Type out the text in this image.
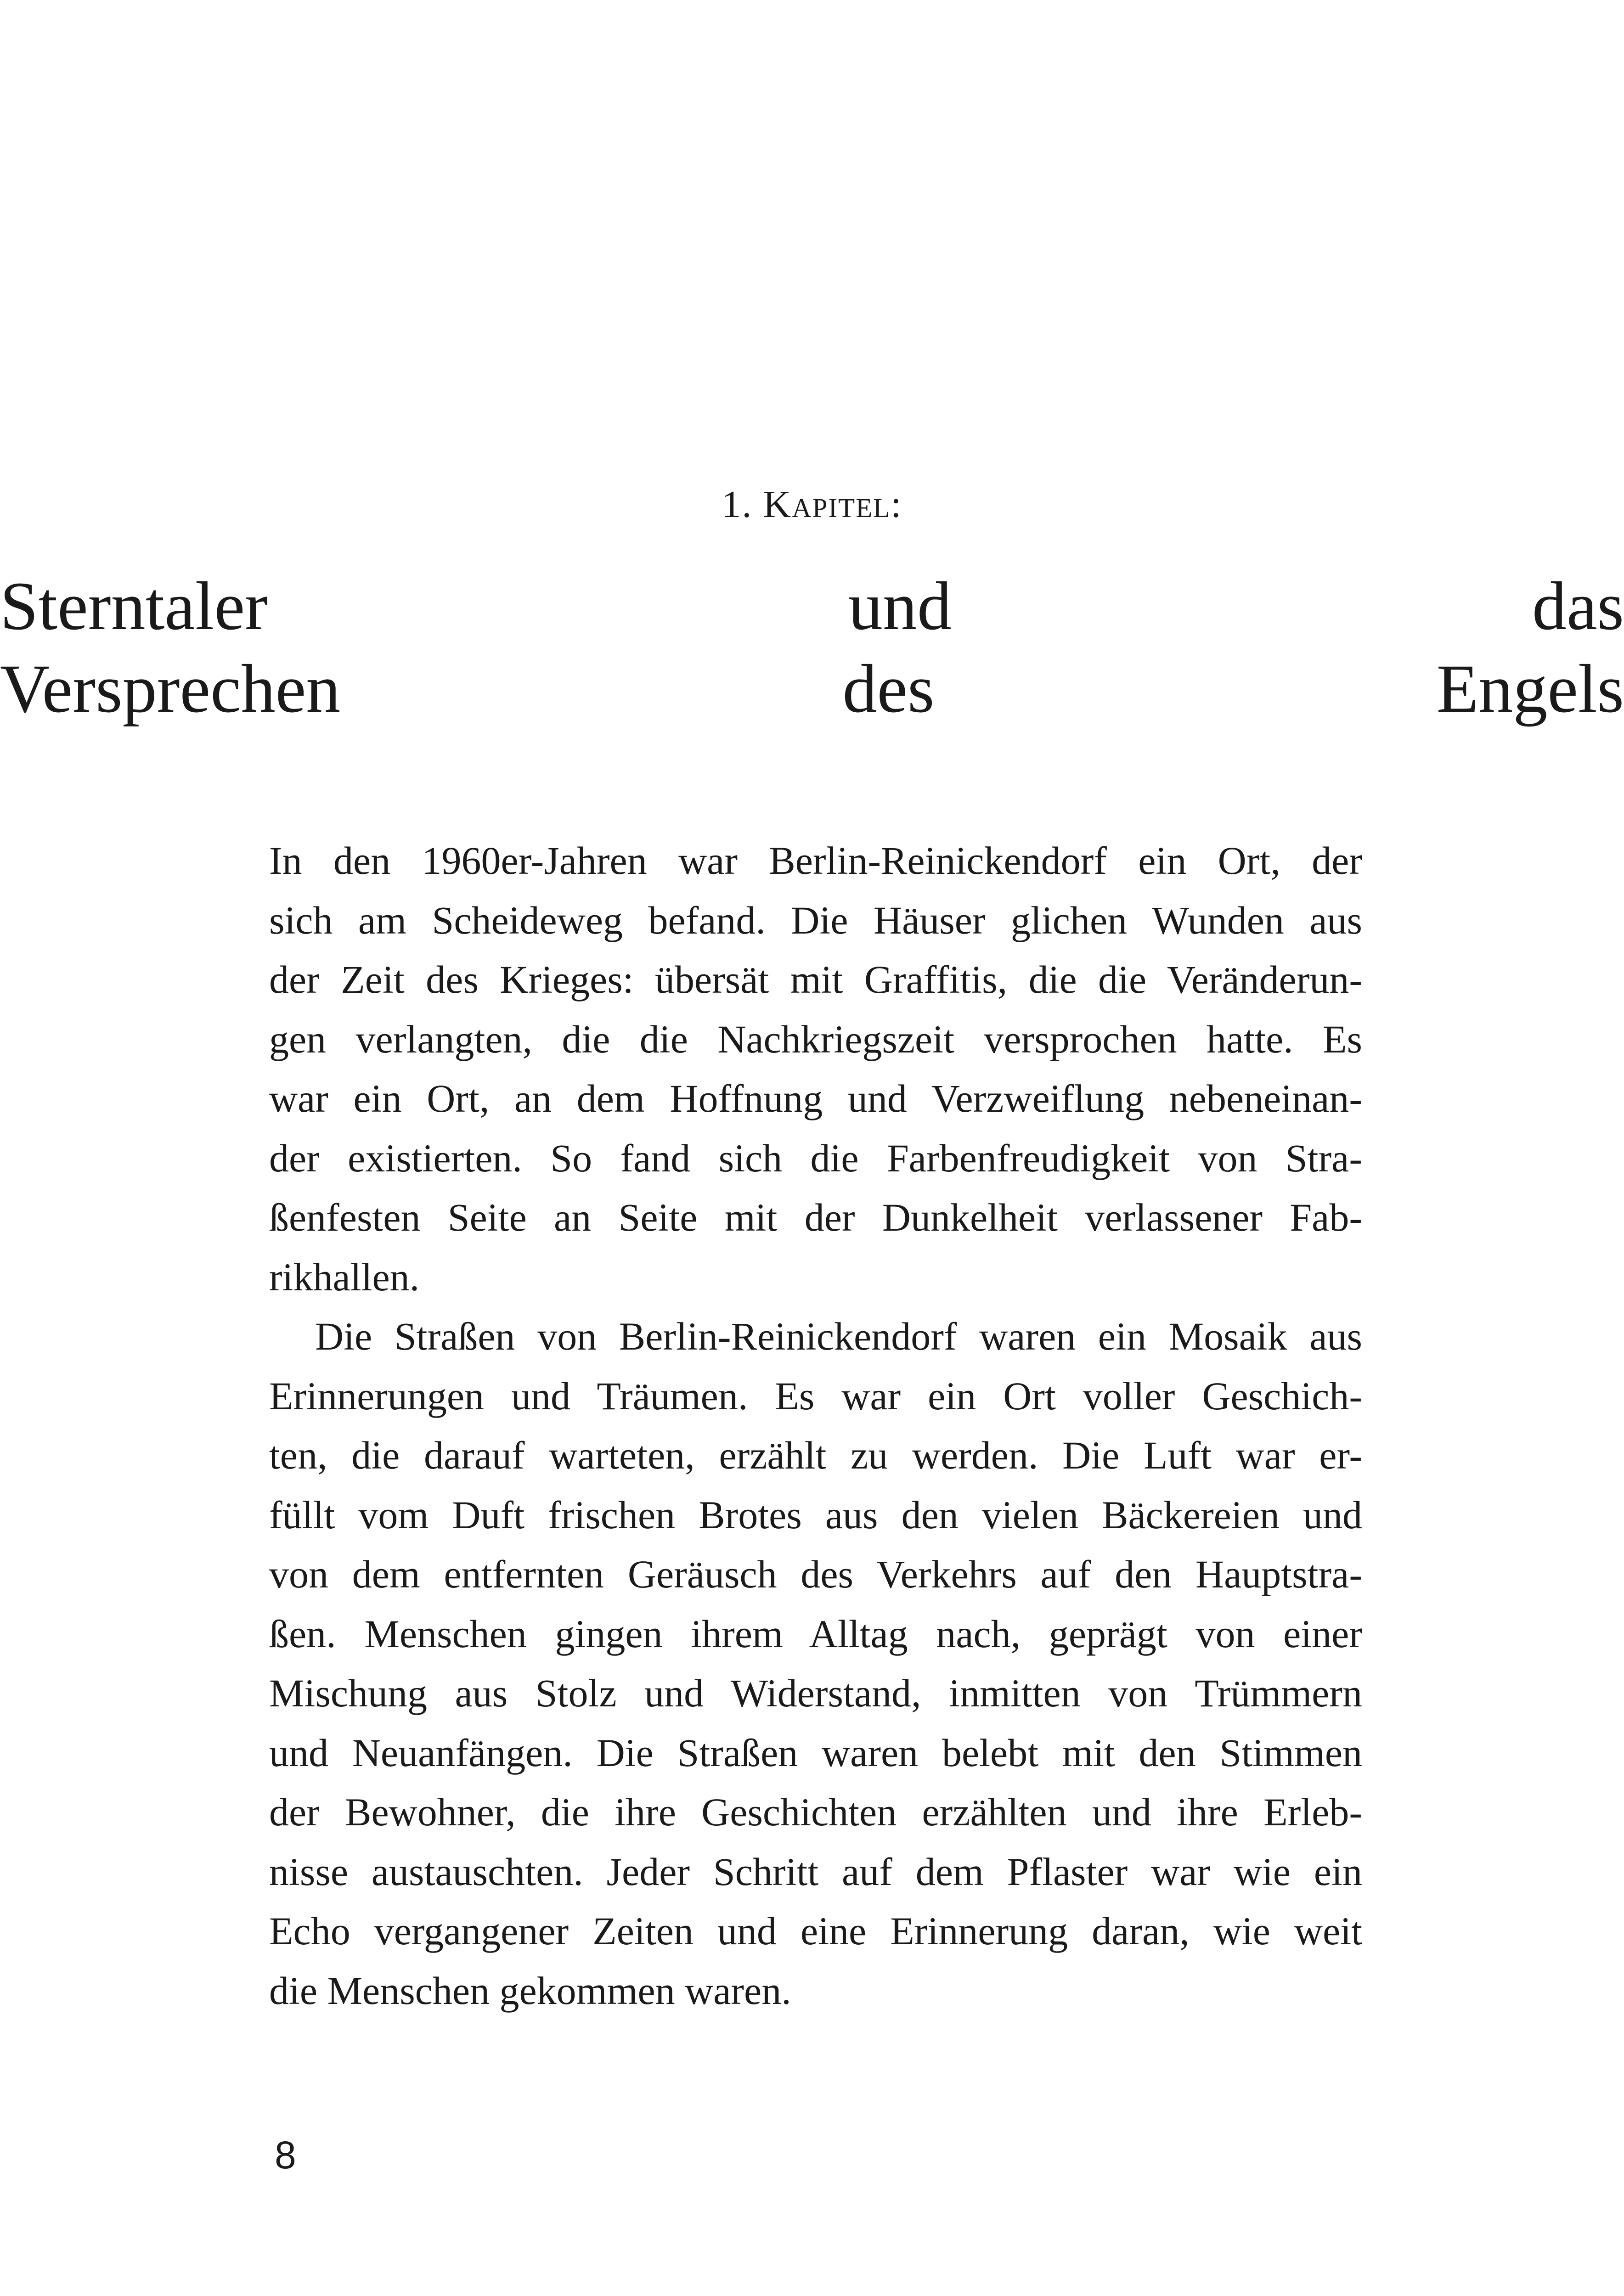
1. Kapitel:
Sterntaler und das
Versprechen des Engels
In den 1960er-Jahren war Berlin-Reinickendorf ein Ort, der
sich am Scheideweg befand. Die Häuser glichen Wunden aus
der Zeit des Krieges: übersät mit Graffitis, die die Veränderun-
gen verlangten, die die Nachkriegszeit versprochen hatte. Es
war ein Ort, an dem Hoffnung und Verzweiflung nebeneinan-
der existierten. So fand sich die Farbenfreudigkeit von Stra-
ßenfesten Seite an Seite mit der Dunkelheit verlassener Fab-
rikhallen.
Die Straßen von Berlin-Reinickendorf waren ein Mosaik aus
Erinnerungen und Träumen. Es war ein Ort voller Geschich-
ten, die darauf warteten, erzählt zu werden. Die Luft war er-
füllt vom Duft frischen Brotes aus den vielen Bäckereien und
von dem entfernten Geräusch des Verkehrs auf den Hauptstra-
ßen. Menschen gingen ihrem Alltag nach, geprägt von einer
Mischung aus Stolz und Widerstand, inmitten von Trümmern
und Neuanfängen. Die Straßen waren belebt mit den Stimmen
der Bewohner, die ihre Geschichten erzählten und ihre Erleb-
nisse austauschten. Jeder Schritt auf dem Pflaster war wie ein
Echo vergangener Zeiten und eine Erinnerung daran, wie weit
die Menschen gekommen waren.
8
